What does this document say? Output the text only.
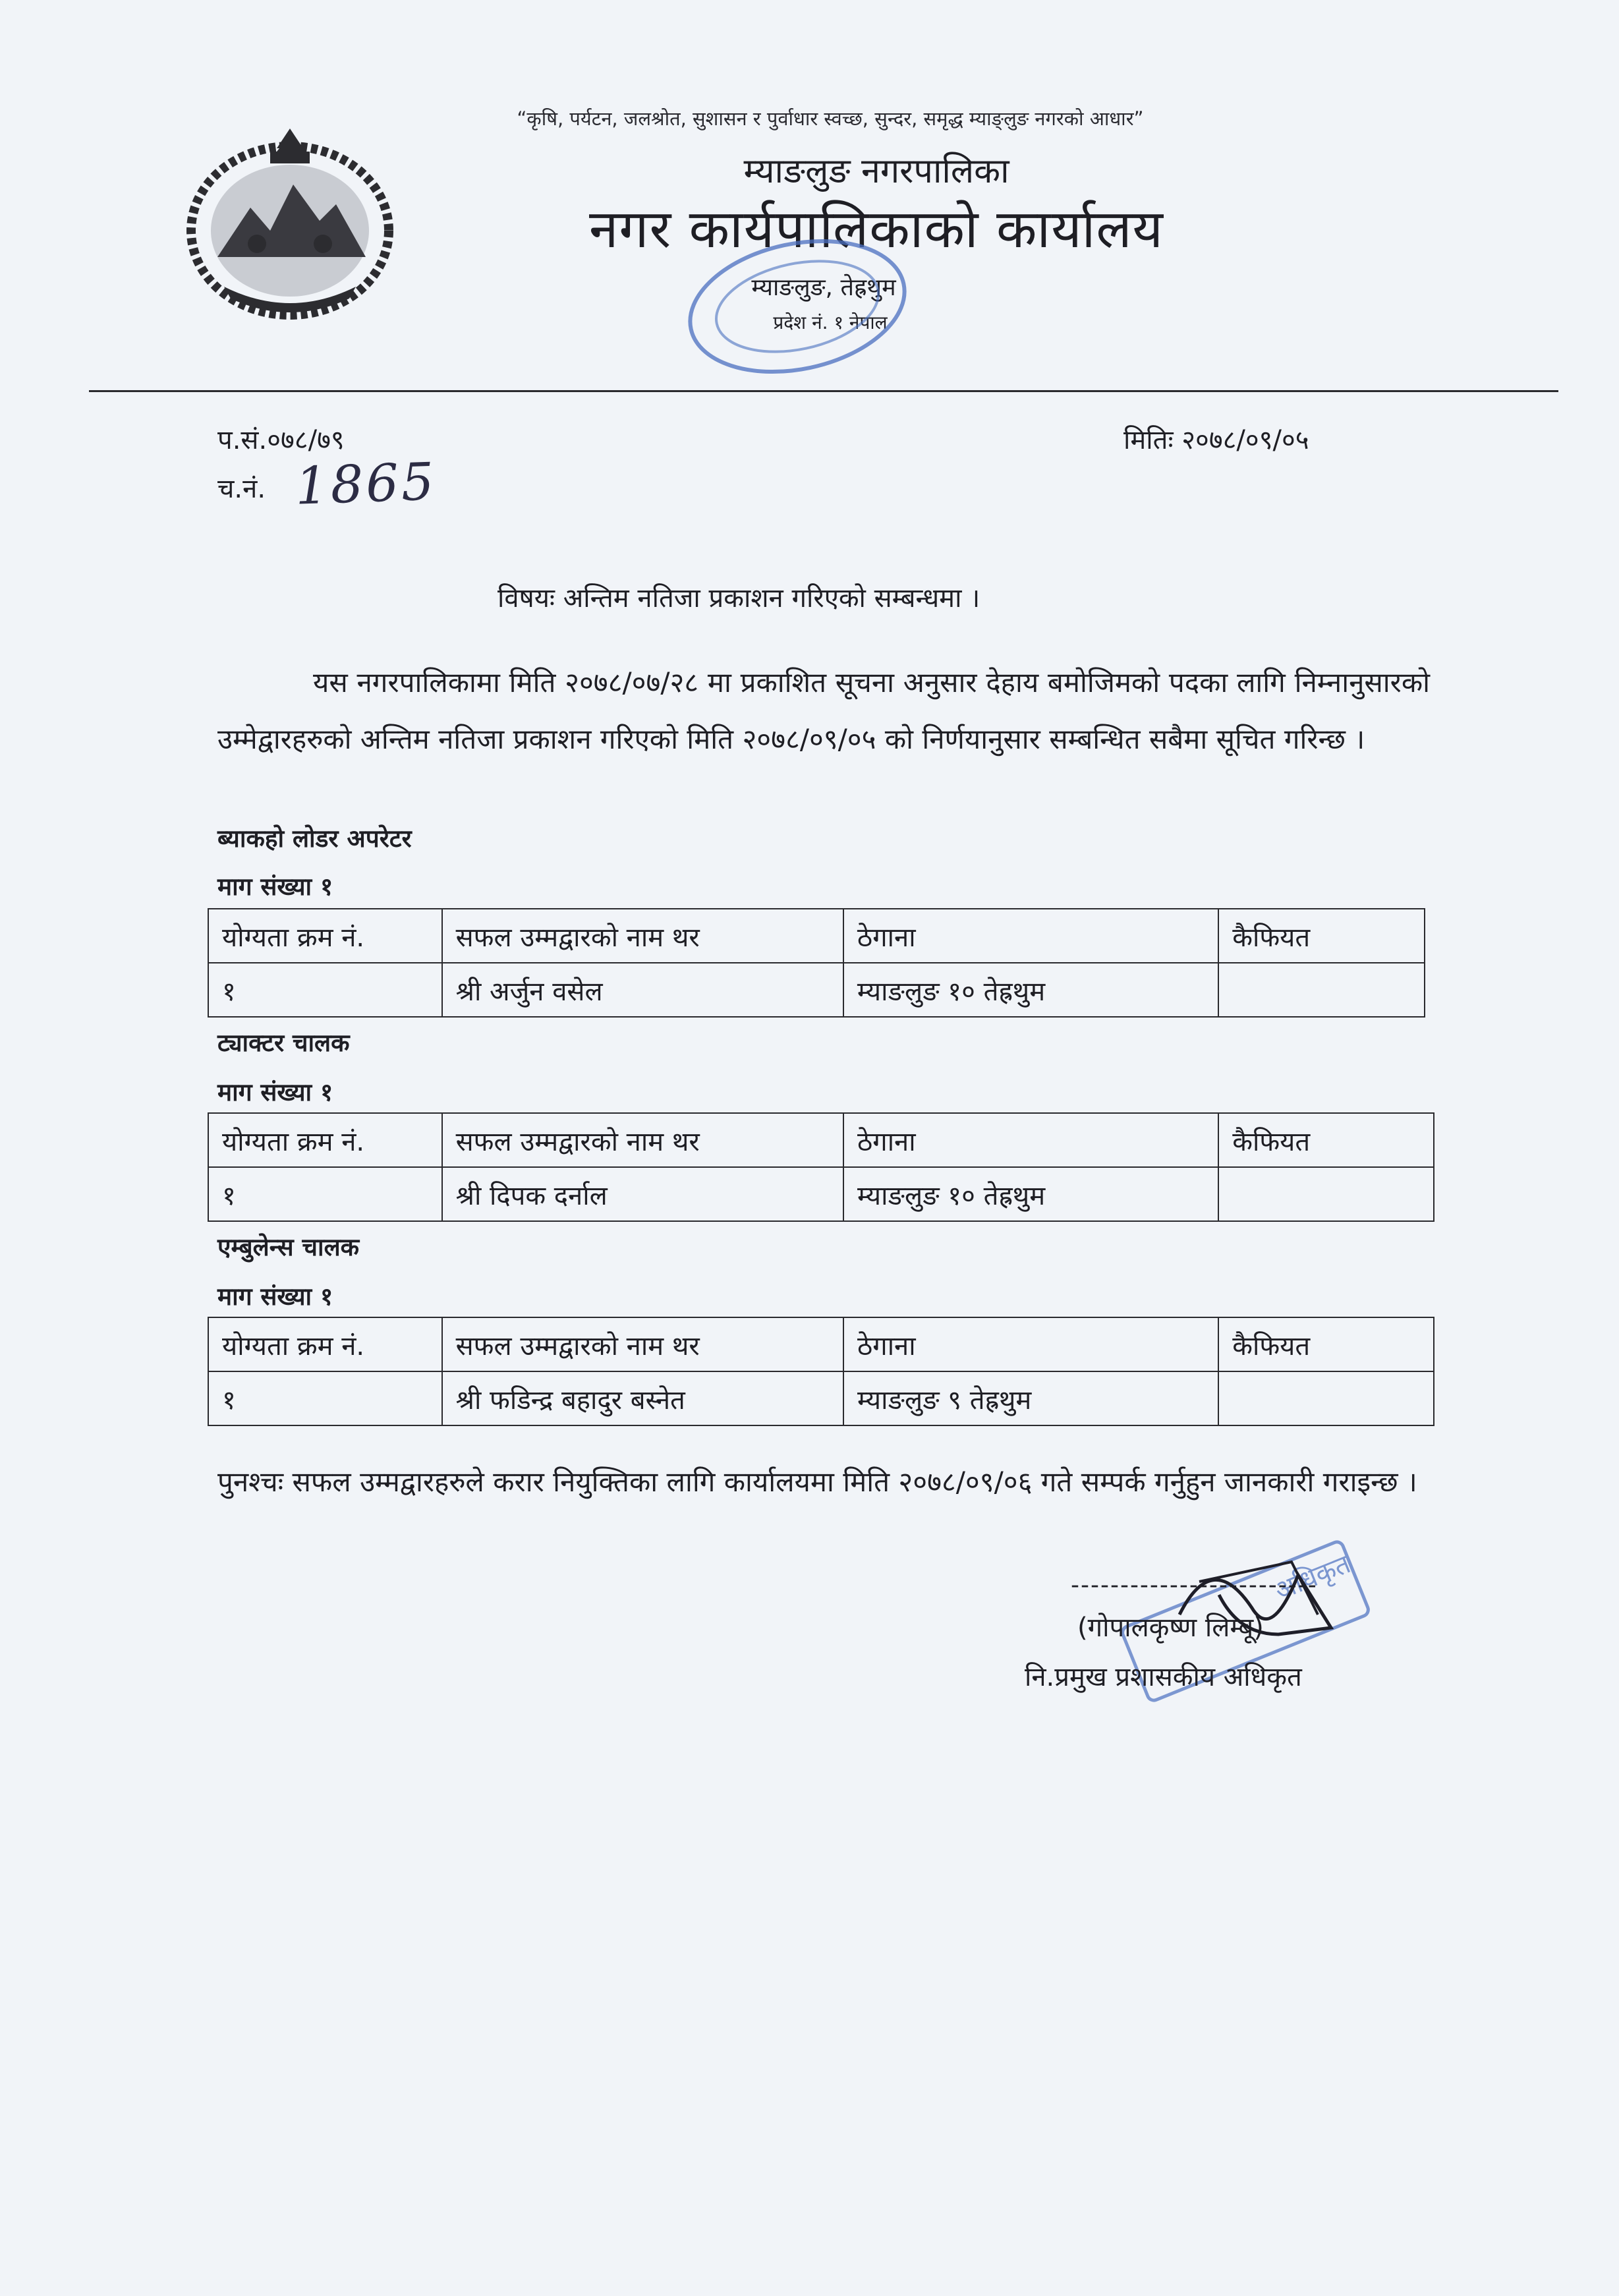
“कृषि, पर्यटन, जलश्रोत, सुशासन र पुर्वाधार स्वच्छ, सुन्दर, समृद्ध म्याङ्लुङ नगरको आधार”
म्याङलुङ नगरपालिका
नगर कार्यपालिकाको कार्यालय
म्याङलुङ, तेह्रथुम
प्रदेश नं. १ नेपाल
प.सं.०७८/७९
च.नं. 1865
मितिः २०७८/०९/०५
विषयः अन्तिम नतिजा प्रकाशन गरिएको सम्बन्धमा ।
यस नगरपालिकामा मिति २०७८/०७/२८ मा प्रकाशित सूचना अनुसार देहाय बमोजिमको पदका लागि निम्नानुसारको उम्मेद्वारहरुको अन्तिम नतिजा प्रकाशन गरिएको मिति २०७८/०९/०५ को निर्णयानुसार सम्बन्धित सबैमा सूचित गरिन्छ ।
ब्याकहो लोडर अपरेटर
माग संख्या १
योग्यता क्रम नं.	सफल उम्मद्वारको नाम थर	ठेगाना	कैफियत
१	श्री अर्जुन वसेल	म्याङलुङ १० तेह्रथुम	
ट्याक्टर चालक
माग संख्या १
योग्यता क्रम नं.	सफल उम्मद्वारको नाम थर	ठेगाना	कैफियत
१	श्री दिपक दर्नाल	म्याङलुङ १० तेह्रथुम	
एम्बुलेन्स चालक
माग संख्या १
योग्यता क्रम नं.	सफल उम्मद्वारको नाम थर	ठेगाना	कैफियत
१	श्री फडिन्द्र बहादुर बस्नेत	म्याङलुङ ९ तेह्रथुम	
पुनश्चः सफल उम्मद्वारहरुले करार नियुक्तिका लागि कार्यालयमा मिति २०७८/०९/०६ गते सम्पर्क गर्नुहुन जानकारी गराइन्छ ।
अधिकृत
-------------------------
(गोपालकृष्ण लिम्बू)
नि.प्रमुख प्रशासकीय अधिकृत
